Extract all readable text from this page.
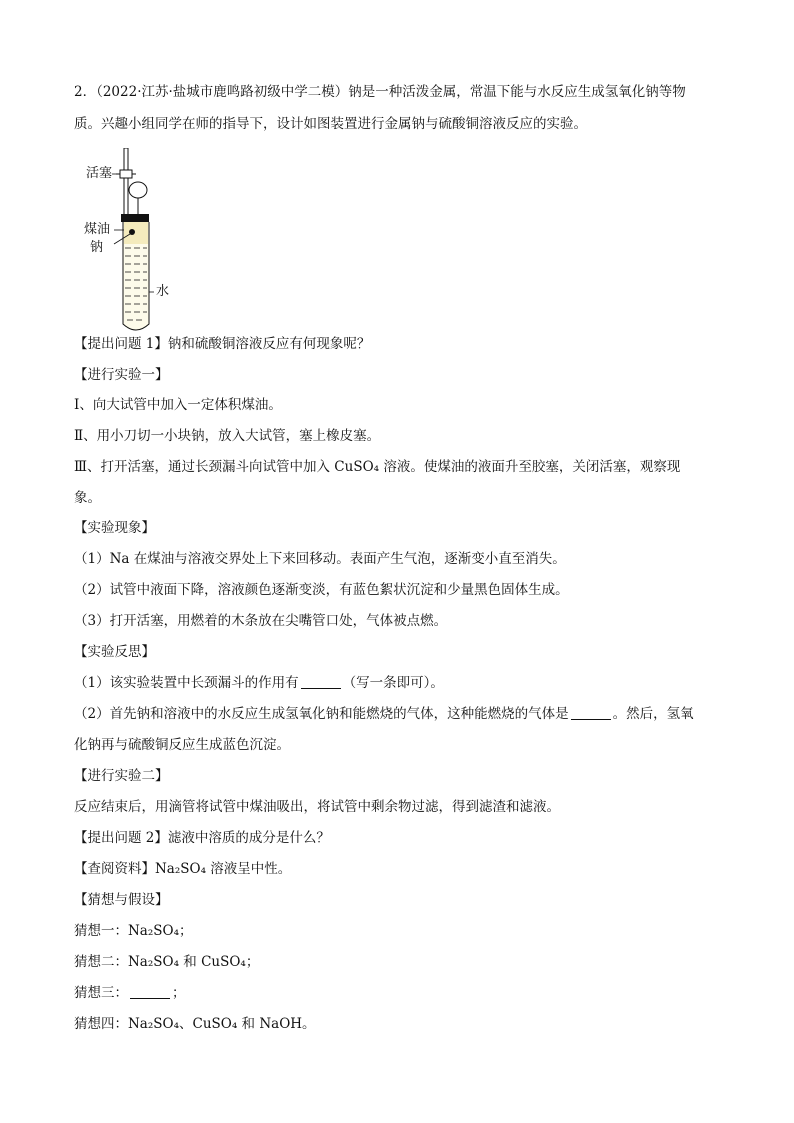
2．（2022·江苏·盐城市鹿鸣路初级中学二模）钠是一种活泼金属，常温下能与水反应生成氢氧化钠等物
质。兴趣小组同学在师的指导下，设计如图装置进行金属钠与硫酸铜溶液反应的实验。
活塞
煤油
钠
水
【提出问题 1】钠和硫酸铜溶液反应有何现象呢？
【进行实验一】
Ⅰ、向大试管中加入一定体积煤油。
Ⅱ、用小刀切一小块钠，放入大试管，塞上橡皮塞。
Ⅲ、打开活塞，通过长颈漏斗向试管中加入 CuSO₄ 溶液。使煤油的液面升至胶塞，关闭活塞，观察现
象。
【实验现象】
（1）Na 在煤油与溶液交界处上下来回移动。表面产生气泡，逐渐变小直至消失。
（2）试管中液面下降，溶液颜色逐渐变淡，有蓝色絮状沉淀和少量黑色固体生成。
（3）打开活塞，用燃着的木条放在尖嘴管口处，气体被点燃。
【实验反思】
（1）该实验装置中长颈漏斗的作用有	（写一条即可）。
（2）首先钠和溶液中的水反应生成氢氧化钠和能燃烧的气体，这种能燃烧的气体是	。然后，氢氧
化钠再与硫酸铜反应生成蓝色沉淀。
【进行实验二】
反应结束后，用滴管将试管中煤油吸出，将试管中剩余物过滤，得到滤渣和滤液。
【提出问题 2】滤液中溶质的成分是什么？
【查阅资料】Na₂SO₄ 溶液呈中性。
【猜想与假设】
猜想一：Na₂SO₄；
猜想二：Na₂SO₄ 和 CuSO₄；
猜想三：	；
猜想四：Na₂SO₄、CuSO₄ 和 NaOH。
